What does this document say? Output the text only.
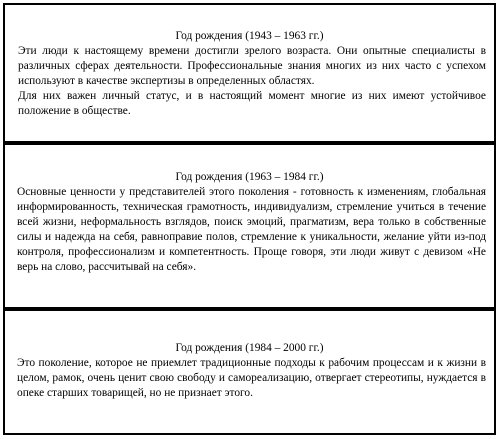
Год рождения (1943 – 1963 гг.)

Эти люди к настоящему времени достигли зрелого возраста. Они опытные специалисты в различных сферах деятельности. Профессиональные знания многих из них часто с успехом используют в качестве экспертизы в определенных областях.

Для них важен личный статус, и в настоящий момент многие из них имеют устойчивое положение в обществе.

Год рождения (1963 – 1984 гг.)

Основные ценности у представителей этого поколения - готовность к изменениям, глобальная информированность, техническая грамотность, индивидуализм, стремление учиться в течение всей жизни, неформальность взглядов, поиск эмоций, прагматизм, вера только в собственные силы и надежда на себя, равноправие полов, стремление к уникальности, желание уйти из-под контроля, профессионализм и компетентность. Проще говоря, эти люди живут с девизом «Не верь на слово, рассчитывай на себя».

Год рождения (1984 – 2000 гг.)

Это поколение, которое не приемлет традиционные подходы к рабочим процессам и к жизни в целом, рамок, очень ценит свою свободу и самореализацию, отвергает стереотипы, нуждается в опеке старших товарищей, но не признает этого.
